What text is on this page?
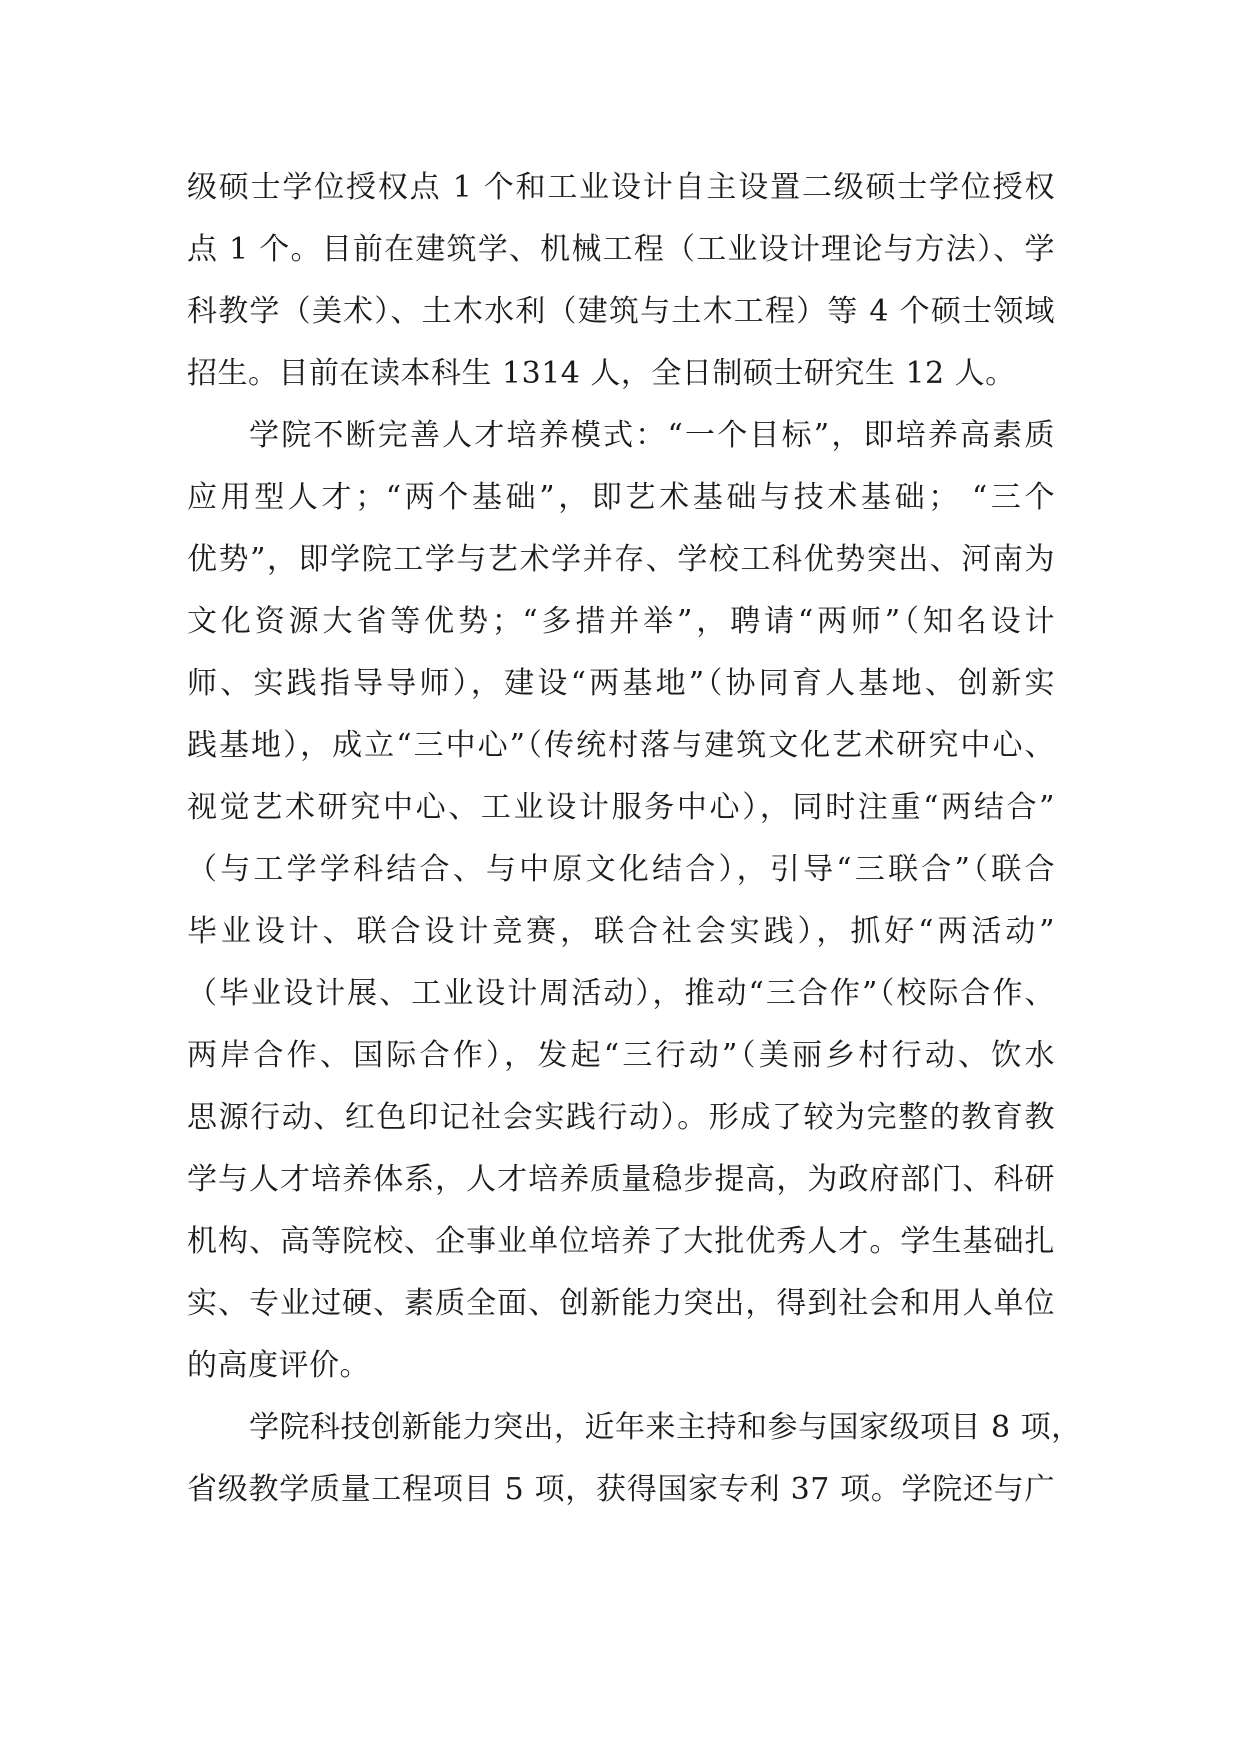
级硕士学位授权点 1 个和工业设计自主设置二级硕士学位授权
点 1 个。目前在建筑学、机械工程（工业设计理论与方法）、学
科教学（美术）、土木水利（建筑与土木工程）等 4 个硕士领域
招生。目前在读本科生 1314 人，全日制硕士研究生 12 人。
学院不断完善人才培养模式：“一个目标”，即培养高素质
应用型人才；“两个基础”，即艺术基础与技术基础； “三个
优势”，即学院工学与艺术学并存、学校工科优势突出、河南为
文化资源大省等优势；“多措并举”，聘请“两师”（知名设计
师、实践指导导师），建设“两基地”（协同育人基地、创新实
践基地），成立“三中心”（传统村落与建筑文化艺术研究中心、
视觉艺术研究中心、工业设计服务中心），同时注重“两结合”
（与工学学科结合、与中原文化结合），引导“三联合”（联合
毕业设计、联合设计竞赛，联合社会实践），抓好“两活动”
（毕业设计展、工业设计周活动），推动“三合作”（校际合作、
两岸合作、国际合作），发起“三行动”（美丽乡村行动、饮水
思源行动、红色印记社会实践行动）。形成了较为完整的教育教
学与人才培养体系，人才培养质量稳步提高，为政府部门、科研
机构、高等院校、企事业单位培养了大批优秀人才。学生基础扎
实、专业过硬、素质全面、创新能力突出，得到社会和用人单位
的高度评价。
学院科技创新能力突出，近年来主持和参与国家级项目 8 项，
省级教学质量工程项目 5 项，获得国家专利 37 项。学院还与广
